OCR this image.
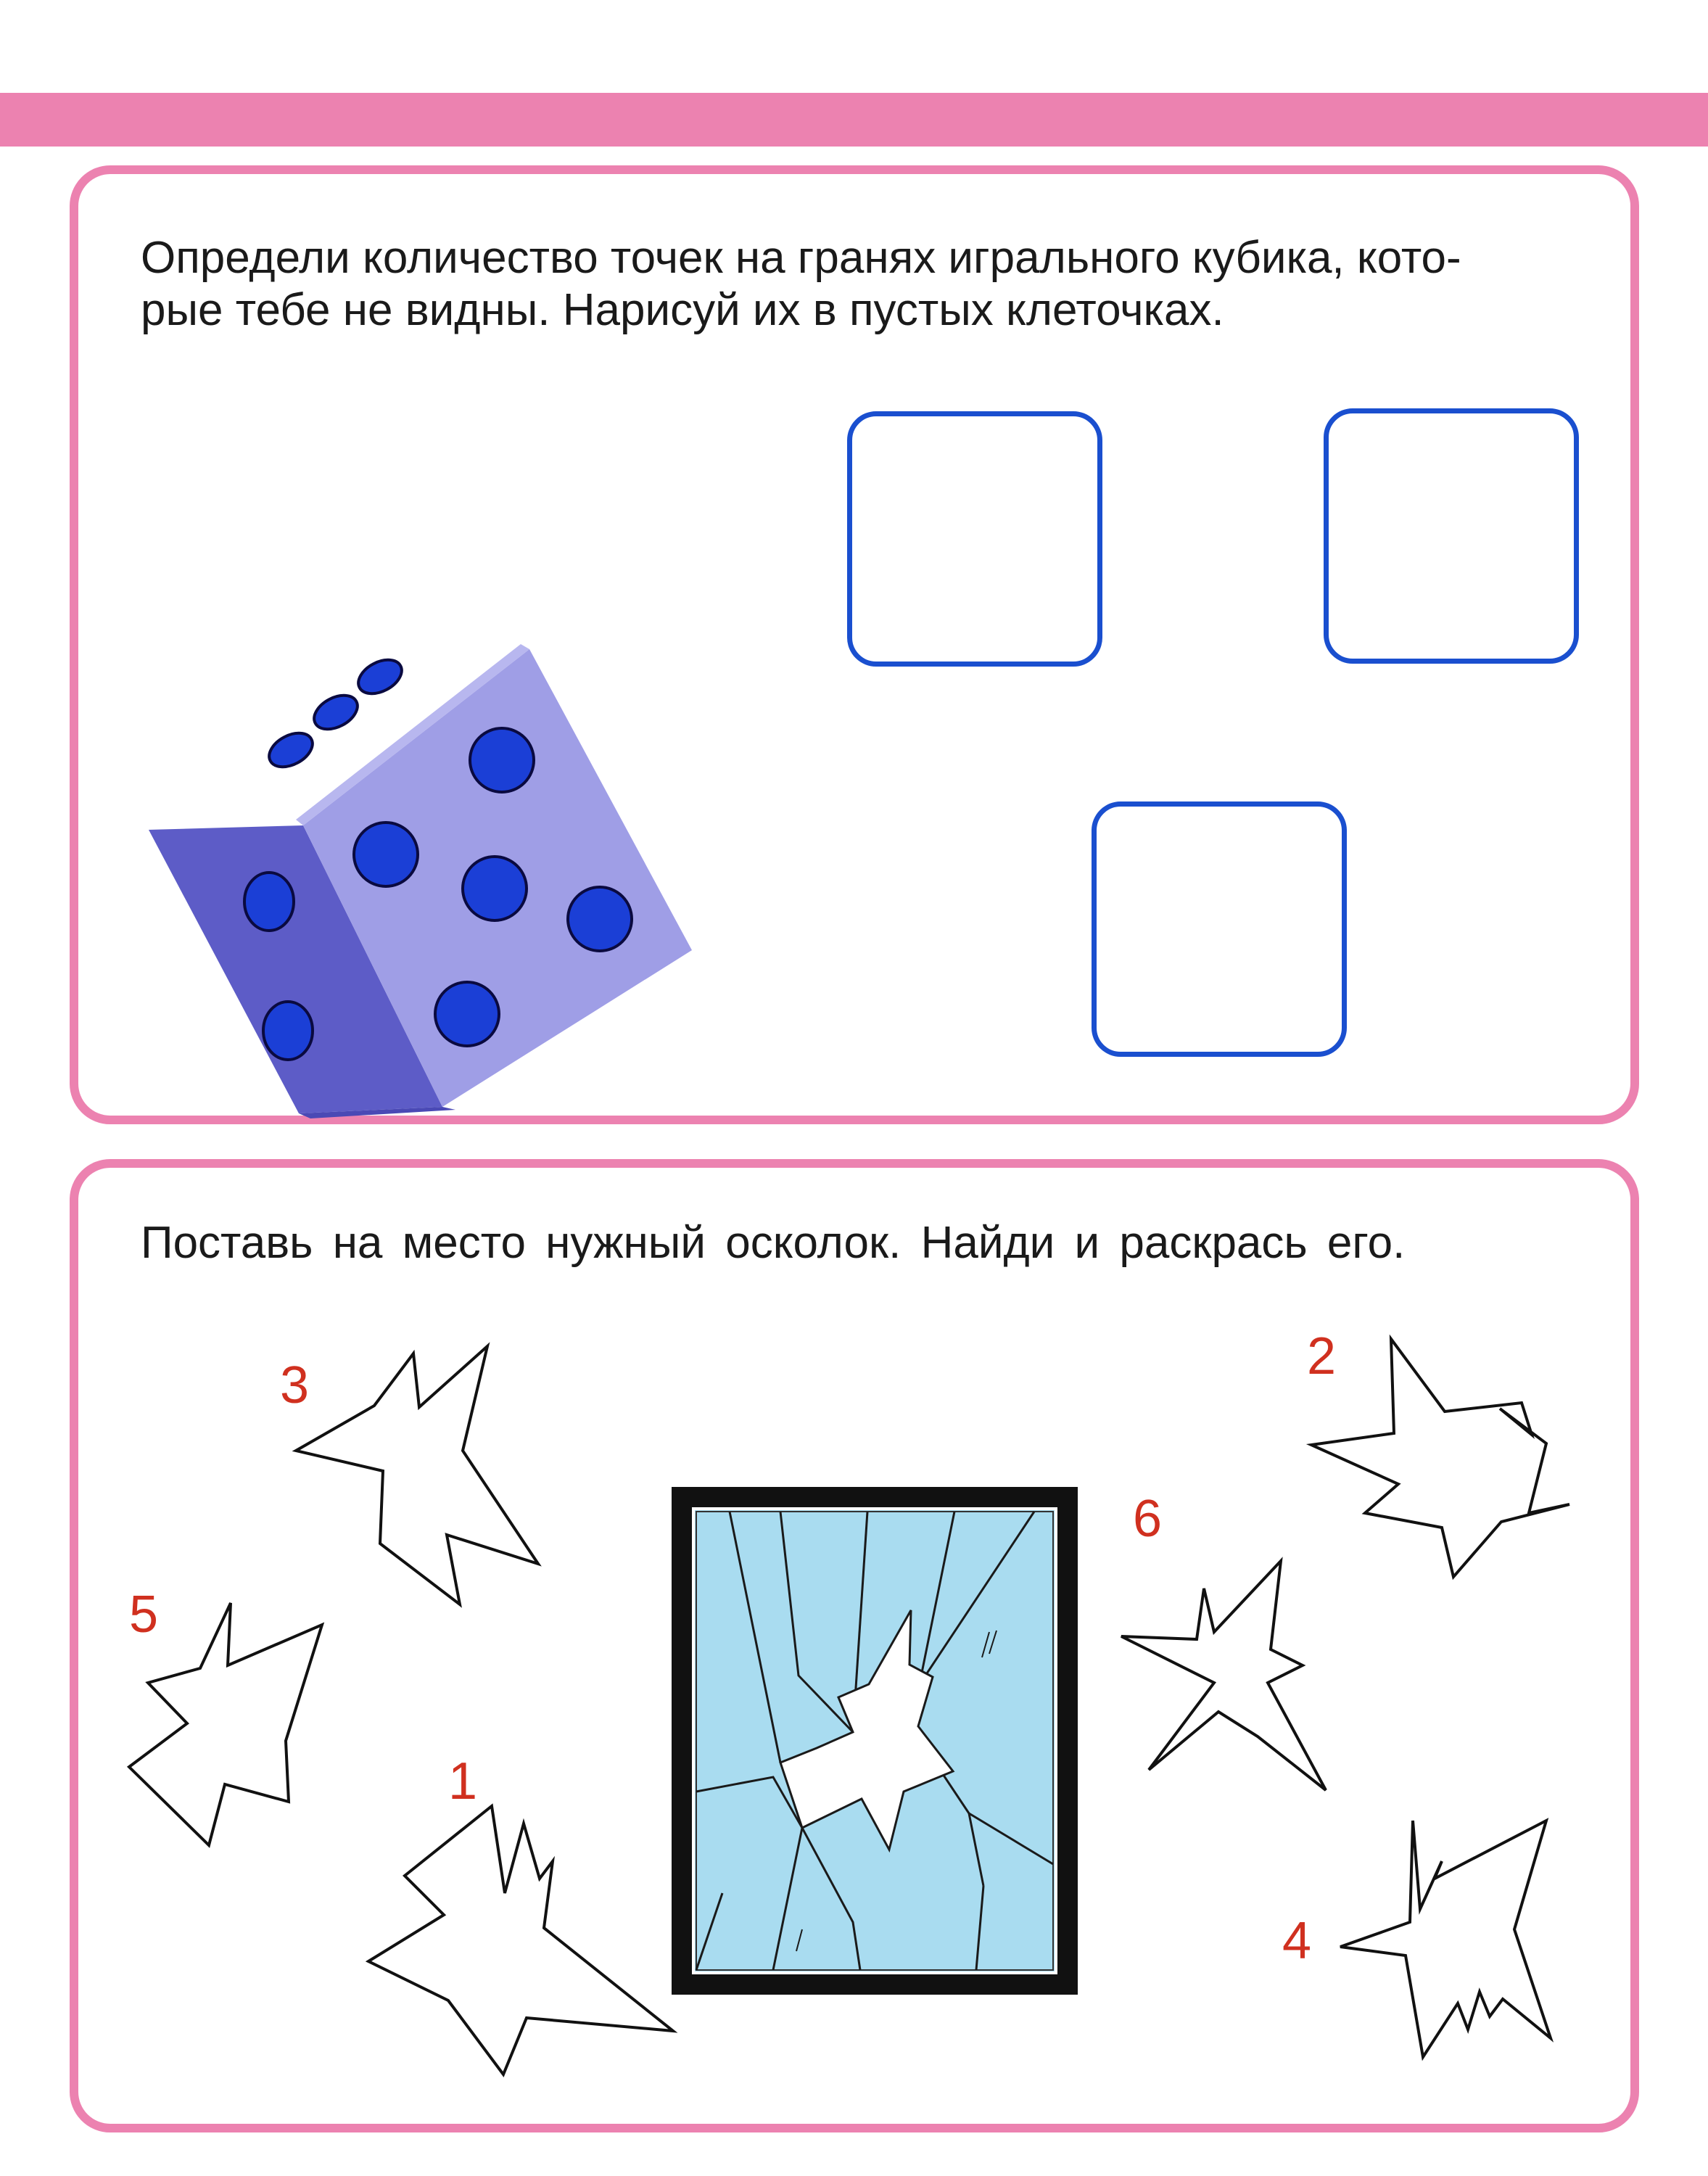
Определи количество точек на гранях игрального кубика, кото-
рые тебе не видны. Нарисуй их в пустых клеточках.

Поставь на место нужный осколок. Найди и раскрась его.

3	2

6

5

1

4
